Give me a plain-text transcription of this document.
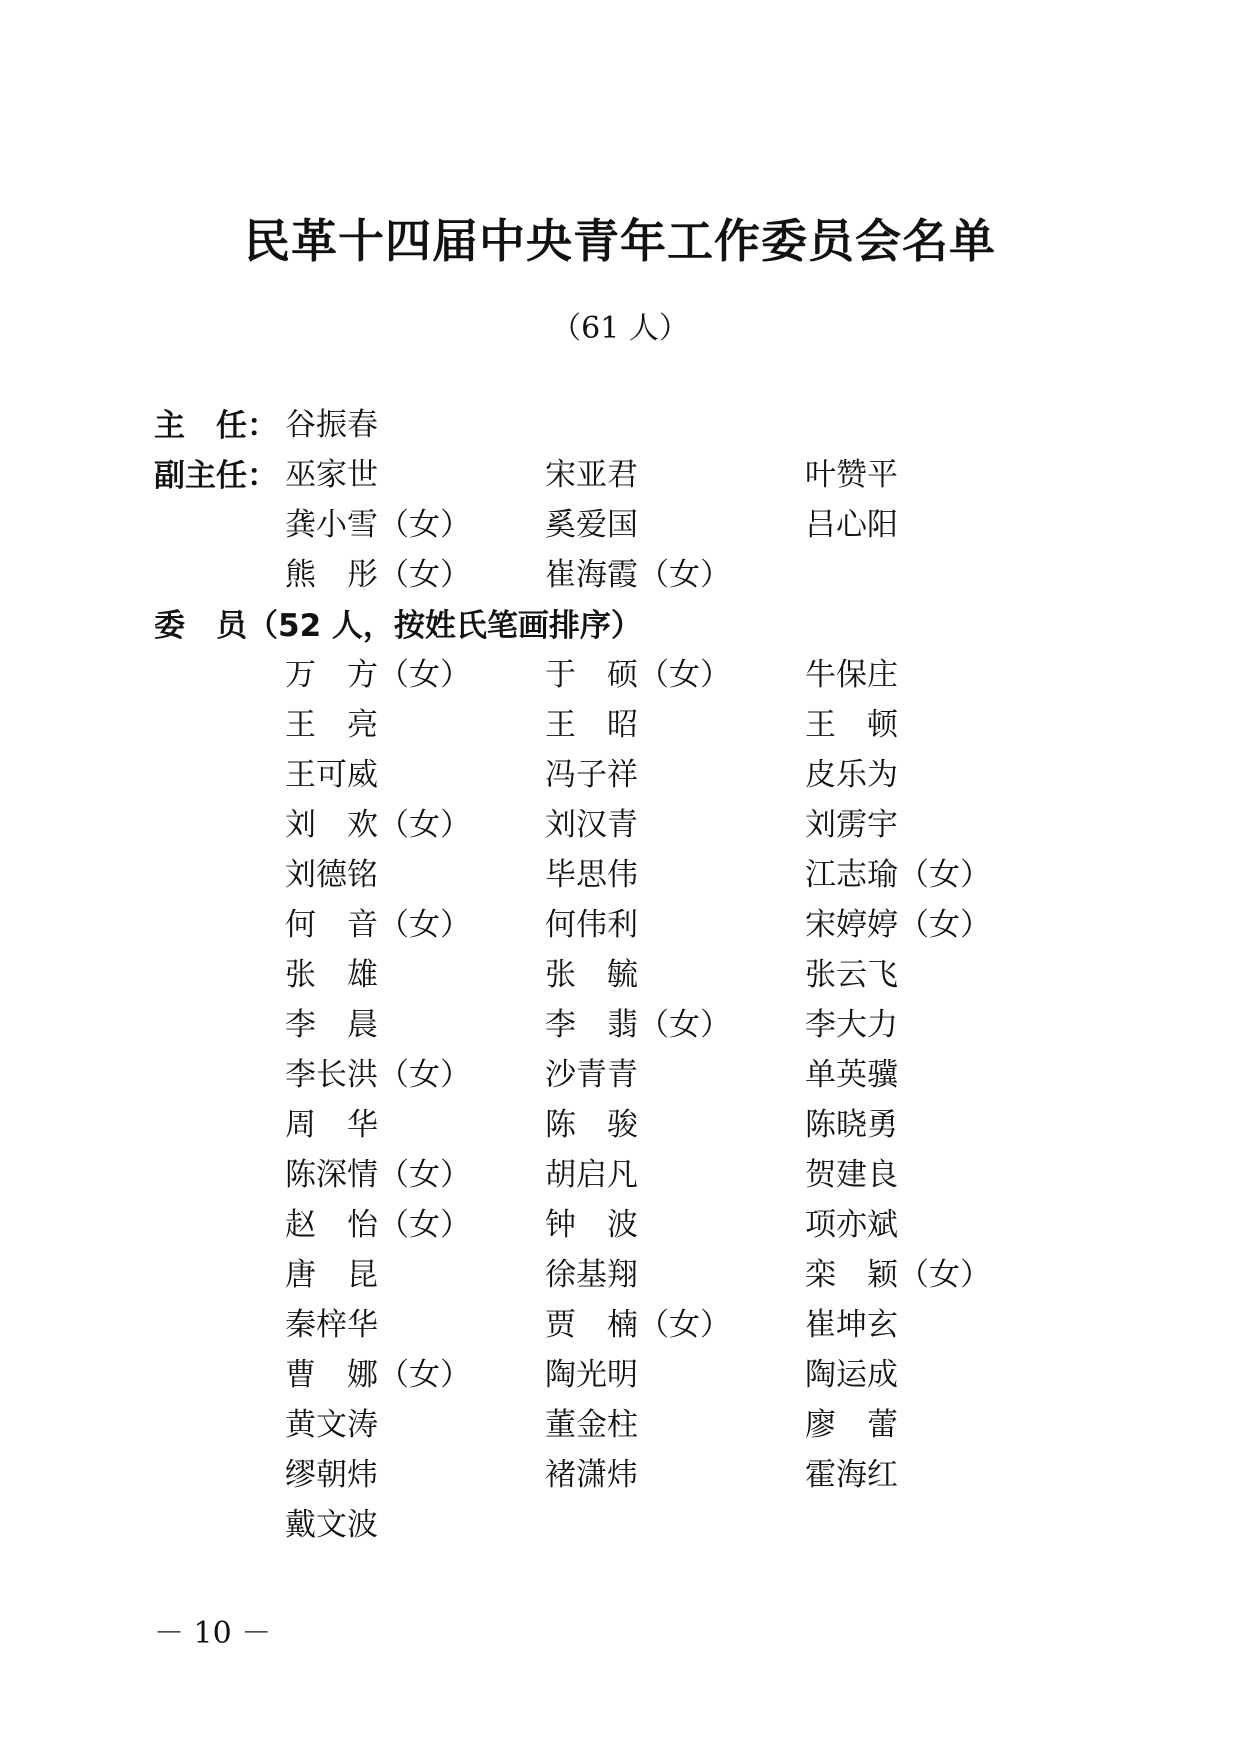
民革十四届中央青年工作委员会名单
（61 人）
主　任： 谷振春
副主任： 巫家世	宋亚君	叶赞平
龚小雪（女）	奚爱国	吕心阳
熊　彤（女）	崔海霞（女）
委　员（52 人，按姓氏笔画排序）
万　方（女）	于　硕（女）	牛保庄
王　亮	王　昭	王　顿
王可威	冯子祥	皮乐为
刘　欢（女）	刘汉青	刘雳宇
刘德铭	毕思伟	江志瑜（女）
何　音（女）	何伟利	宋婷婷（女）
张　雄	张　毓	张云飞
李　晨	李　翡（女）	李大力
李长洪（女）	沙青青	单英骥
周　华	陈　骏	陈晓勇
陈深情（女）	胡启凡	贺建良
赵　怡（女）	钟　波	项亦斌
唐　昆	徐基翔	栾　颖（女）
秦梓华	贾　楠（女）	崔坤玄
曹　娜（女）	陶光明	陶运成
黄文涛	董金柱	廖　蕾
缪朝炜	褚潇炜	霍海红
戴文波
－ 10 －
